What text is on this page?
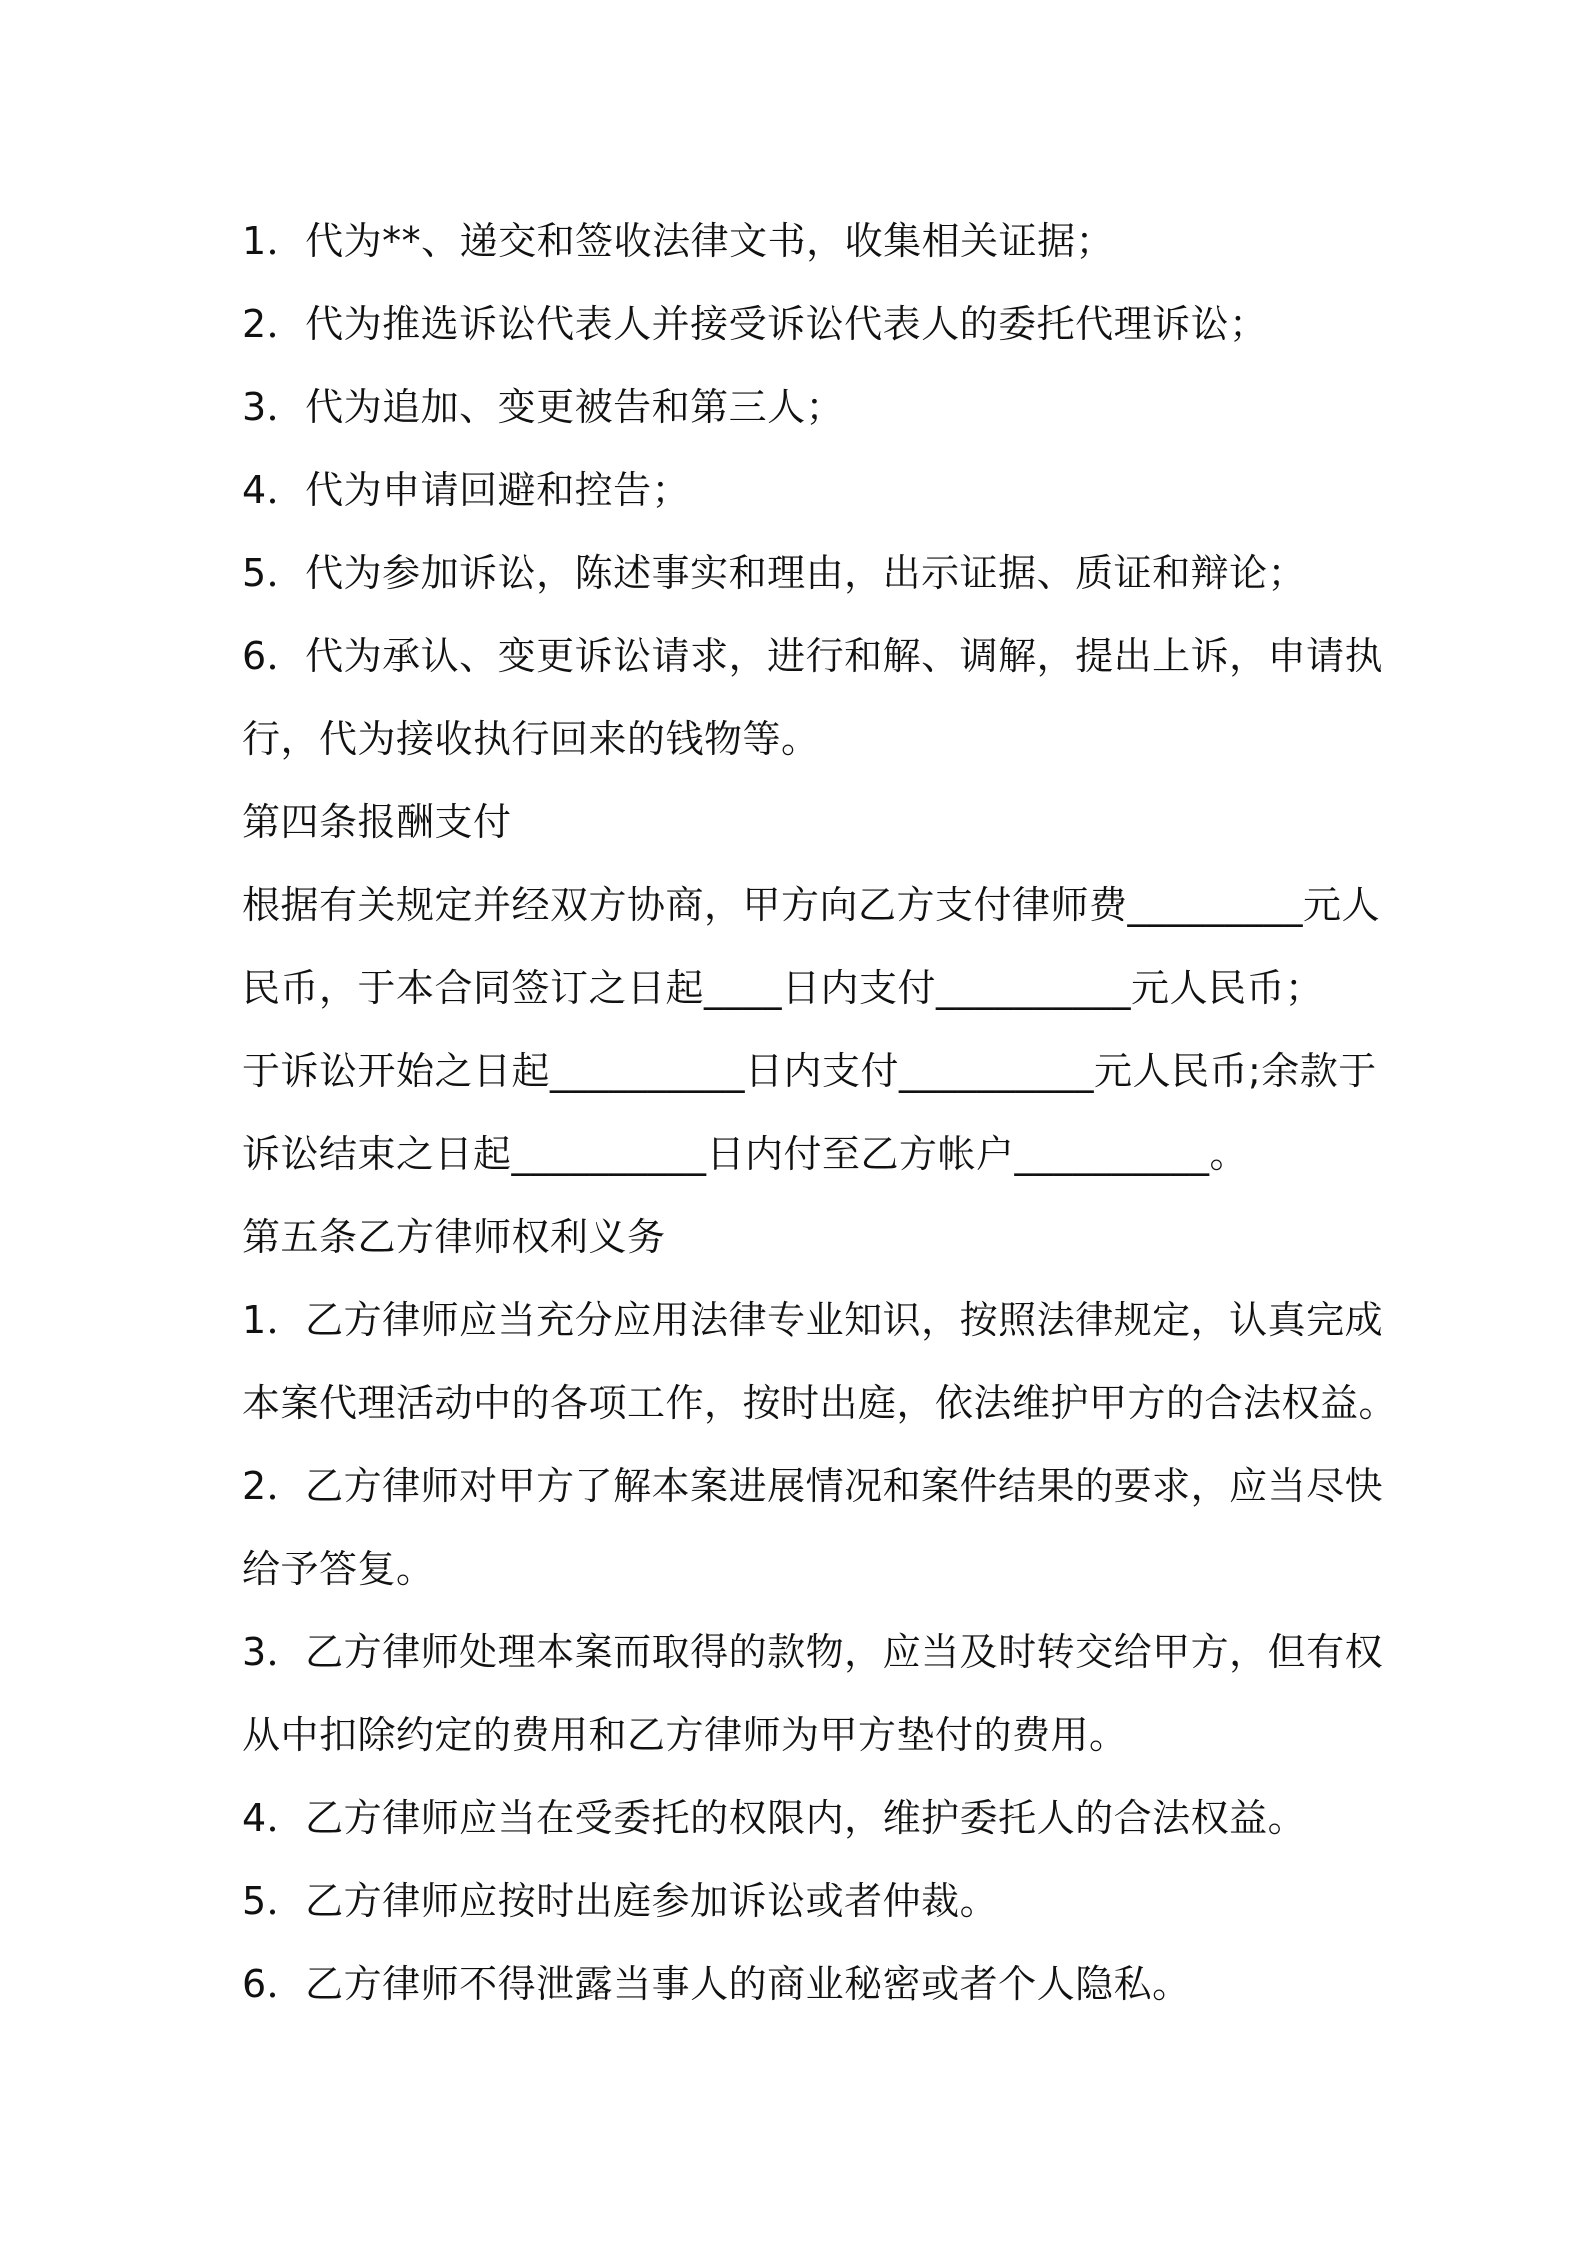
1．代为**、递交和签收法律文书，收集相关证据；
2．代为推选诉讼代表人并接受诉讼代表人的委托代理诉讼；
3．代为追加、变更被告和第三人；
4．代为申请回避和控告；
5．代为参加诉讼，陈述事实和理由，出示证据、质证和辩论；
6．代为承认、变更诉讼请求，进行和解、调解，提出上诉，申请执
行，代为接收执行回来的钱物等。
第四条报酬支付
根据有关规定并经双方协商，甲方向乙方支付律师费_________元人
民币，于本合同签订之日起____日内支付__________元人民币；
于诉讼开始之日起__________日内支付__________元人民币;余款于
诉讼结束之日起__________日内付至乙方帐户__________。
第五条乙方律师权利义务
1．乙方律师应当充分应用法律专业知识，按照法律规定，认真完成
本案代理活动中的各项工作，按时出庭，依法维护甲方的合法权益。
2．乙方律师对甲方了解本案进展情况和案件结果的要求，应当尽快
给予答复。
3．乙方律师处理本案而取得的款物，应当及时转交给甲方，但有权
从中扣除约定的费用和乙方律师为甲方垫付的费用。
4．乙方律师应当在受委托的权限内，维护委托人的合法权益。
5．乙方律师应按时出庭参加诉讼或者仲裁。
6．乙方律师不得泄露当事人的商业秘密或者个人隐私。
